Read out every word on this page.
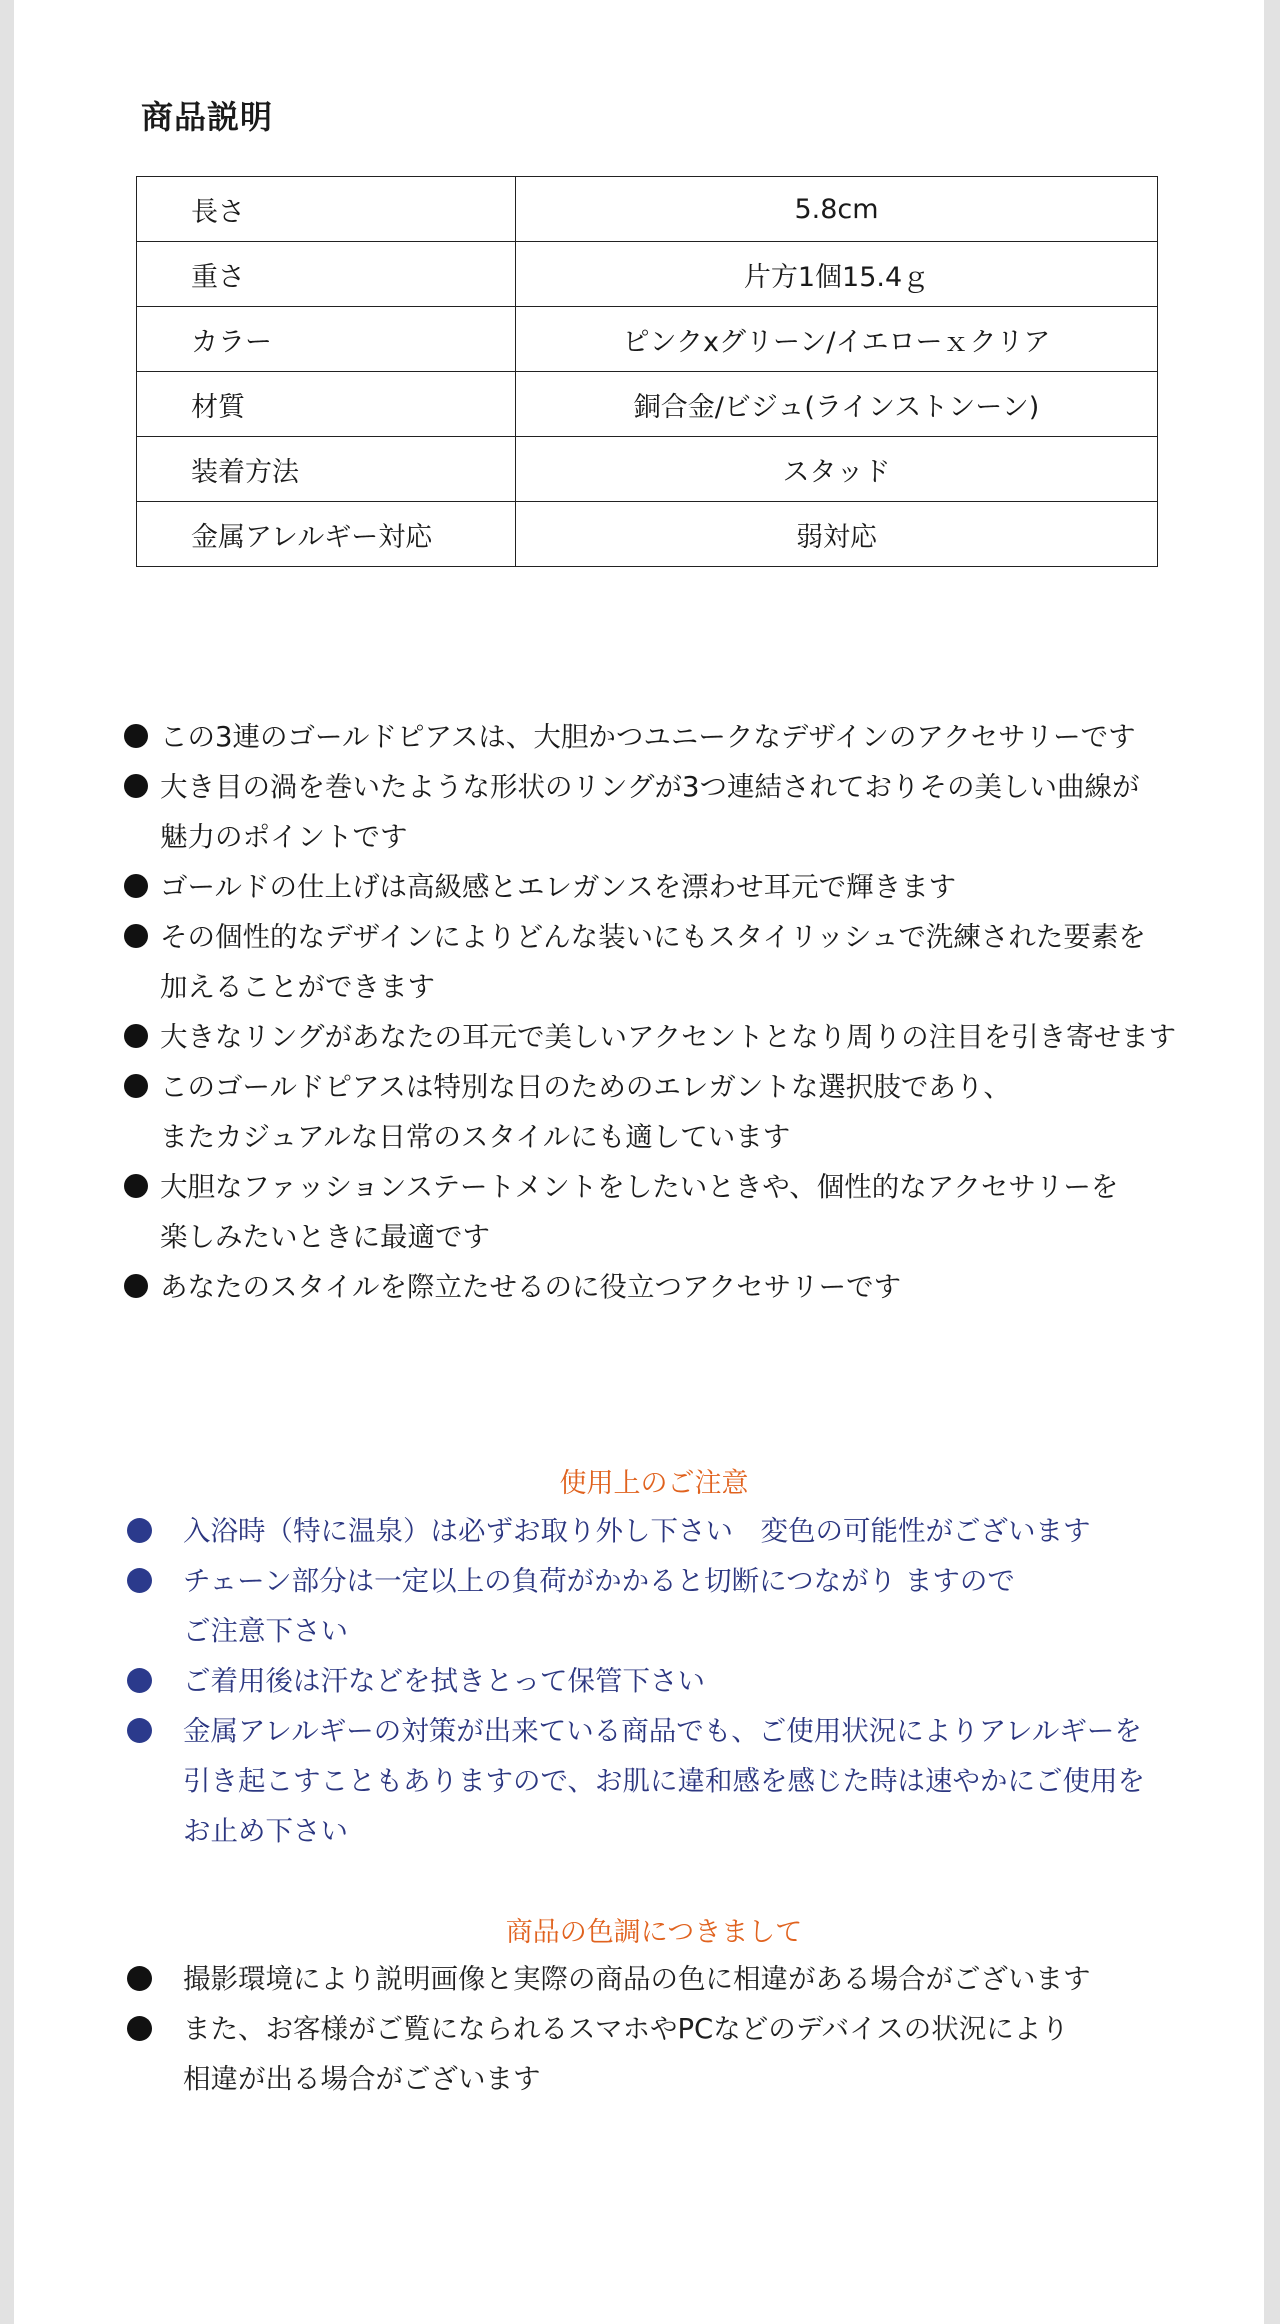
商品説明
長さ	5.8cm
重さ	片方1個15.4ｇ
カラー	ピンクxグリーン/イエローｘクリア
材質	銅合金/ビジュ(ラインストンーン)
装着方法	スタッド
金属アレルギー対応	弱対応
この3連のゴールドピアスは、大胆かつユニークなデザインのアクセサリーです
大き目の渦を巻いたような形状のリングが3つ連結されておりその美しい曲線が
魅力のポイントです
ゴールドの仕上げは高級感とエレガンスを漂わせ耳元で輝きます
その個性的なデザインによりどんな装いにもスタイリッシュで洗練された要素を
加えることができます
大きなリングがあなたの耳元で美しいアクセントとなり周りの注目を引き寄せます
このゴールドピアスは特別な日のためのエレガントな選択肢であり、
またカジュアルな日常のスタイルにも適しています
大胆なファッションステートメントをしたいときや、個性的なアクセサリーを
楽しみたいときに最適です
あなたのスタイルを際立たせるのに役立つアクセサリーです
使用上のご注意
入浴時（特に温泉）は必ずお取り外し下さい　変色の可能性がございます
チェーン部分は一定以上の負荷がかかると切断につながり ますので
ご注意下さい
ご着用後は汗などを拭きとって保管下さい
金属アレルギーの対策が出来ている商品でも、ご使用状況によりアレルギーを
引き起こすこともありますので、お肌に違和感を感じた時は速やかにご使用を
お止め下さい
商品の色調につきまして
撮影環境により説明画像と実際の商品の色に相違がある場合がございます
また、お客様がご覧になられるスマホやPCなどのデバイスの状況により
相違が出る場合がございます
